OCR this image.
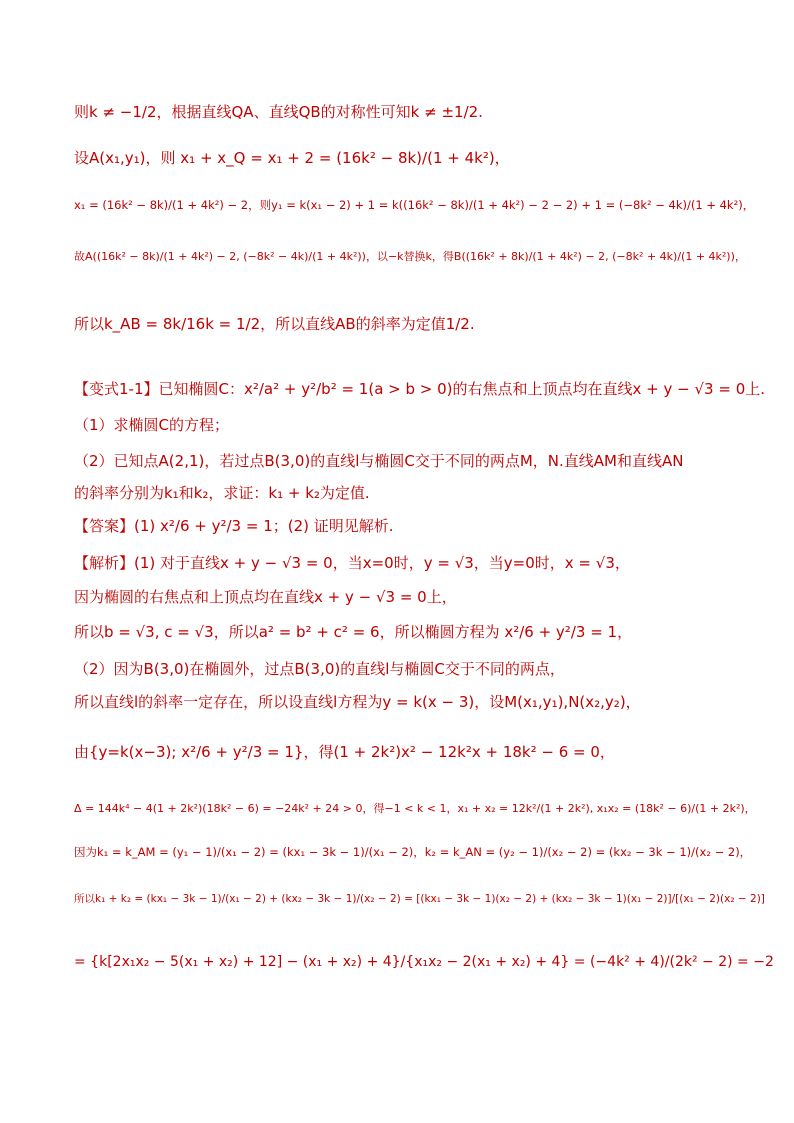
则k ≠ −1/2，根据直线QA、直线QB的对称性可知k ≠ ±1/2.
设A(x₁,y₁)，则 x₁ + x_Q = x₁ + 2 = (16k² − 8k)/(1 + 4k²)，
x₁ = (16k² − 8k)/(1 + 4k²) − 2，则y₁ = k(x₁ − 2) + 1 = k((16k² − 8k)/(1 + 4k²) − 2 − 2) + 1 = (−8k² − 4k)/(1 + 4k²)，
故A((16k² − 8k)/(1 + 4k²) − 2, (−8k² − 4k)/(1 + 4k²))，以−k替换k，得B((16k² + 8k)/(1 + 4k²) − 2, (−8k² + 4k)/(1 + 4k²))，
所以k_AB = 8k/16k = 1/2，所以直线AB的斜率为定值1/2.
【变式1-1】已知椭圆C：x²/a² + y²/b² = 1(a > b > 0)的右焦点和上顶点均在直线x + y − √3 = 0上.
（1）求椭圆C的方程；
（2）已知点A(2,1)，若过点B(3,0)的直线l与椭圆C交于不同的两点M，N.直线AM和直线AN
的斜率分别为k₁和k₂，求证：k₁ + k₂为定值.
【答案】(1) x²/6 + y²/3 = 1；(2) 证明见解析.
【解析】(1) 对于直线x + y − √3 = 0，当x=0时，y = √3，当y=0时，x = √3，
因为椭圆的右焦点和上顶点均在直线x + y − √3 = 0上，
所以b = √3, c = √3，所以a² = b² + c² = 6，所以椭圆方程为 x²/6 + y²/3 = 1，
（2）因为B(3,0)在椭圆外，过点B(3,0)的直线l与椭圆C交于不同的两点，
所以直线l的斜率一定存在，所以设直线l方程为y = k(x − 3)，设M(x₁,y₁),N(x₂,y₂)，
由{y=k(x−3); x²/6 + y²/3 = 1}，得(1 + 2k²)x² − 12k²x + 18k² − 6 = 0，
Δ = 144k⁴ − 4(1 + 2k²)(18k² − 6) = −24k² + 24 > 0，得−1 < k < 1，x₁ + x₂ = 12k²/(1 + 2k²), x₁x₂ = (18k² − 6)/(1 + 2k²)，
因为k₁ = k_AM = (y₁ − 1)/(x₁ − 2) = (kx₁ − 3k − 1)/(x₁ − 2)，k₂ = k_AN = (y₂ − 1)/(x₂ − 2) = (kx₂ − 3k − 1)/(x₂ − 2)，
所以k₁ + k₂ = (kx₁ − 3k − 1)/(x₁ − 2) + (kx₂ − 3k − 1)/(x₂ − 2) = [(kx₁ − 3k − 1)(x₂ − 2) + (kx₂ − 3k − 1)(x₁ − 2)]/[(x₁ − 2)(x₂ − 2)]
= {k[2x₁x₂ − 5(x₁ + x₂) + 12] − (x₁ + x₂) + 4}/{x₁x₂ − 2(x₁ + x₂) + 4} = (−4k² + 4)/(2k² − 2) = −2
